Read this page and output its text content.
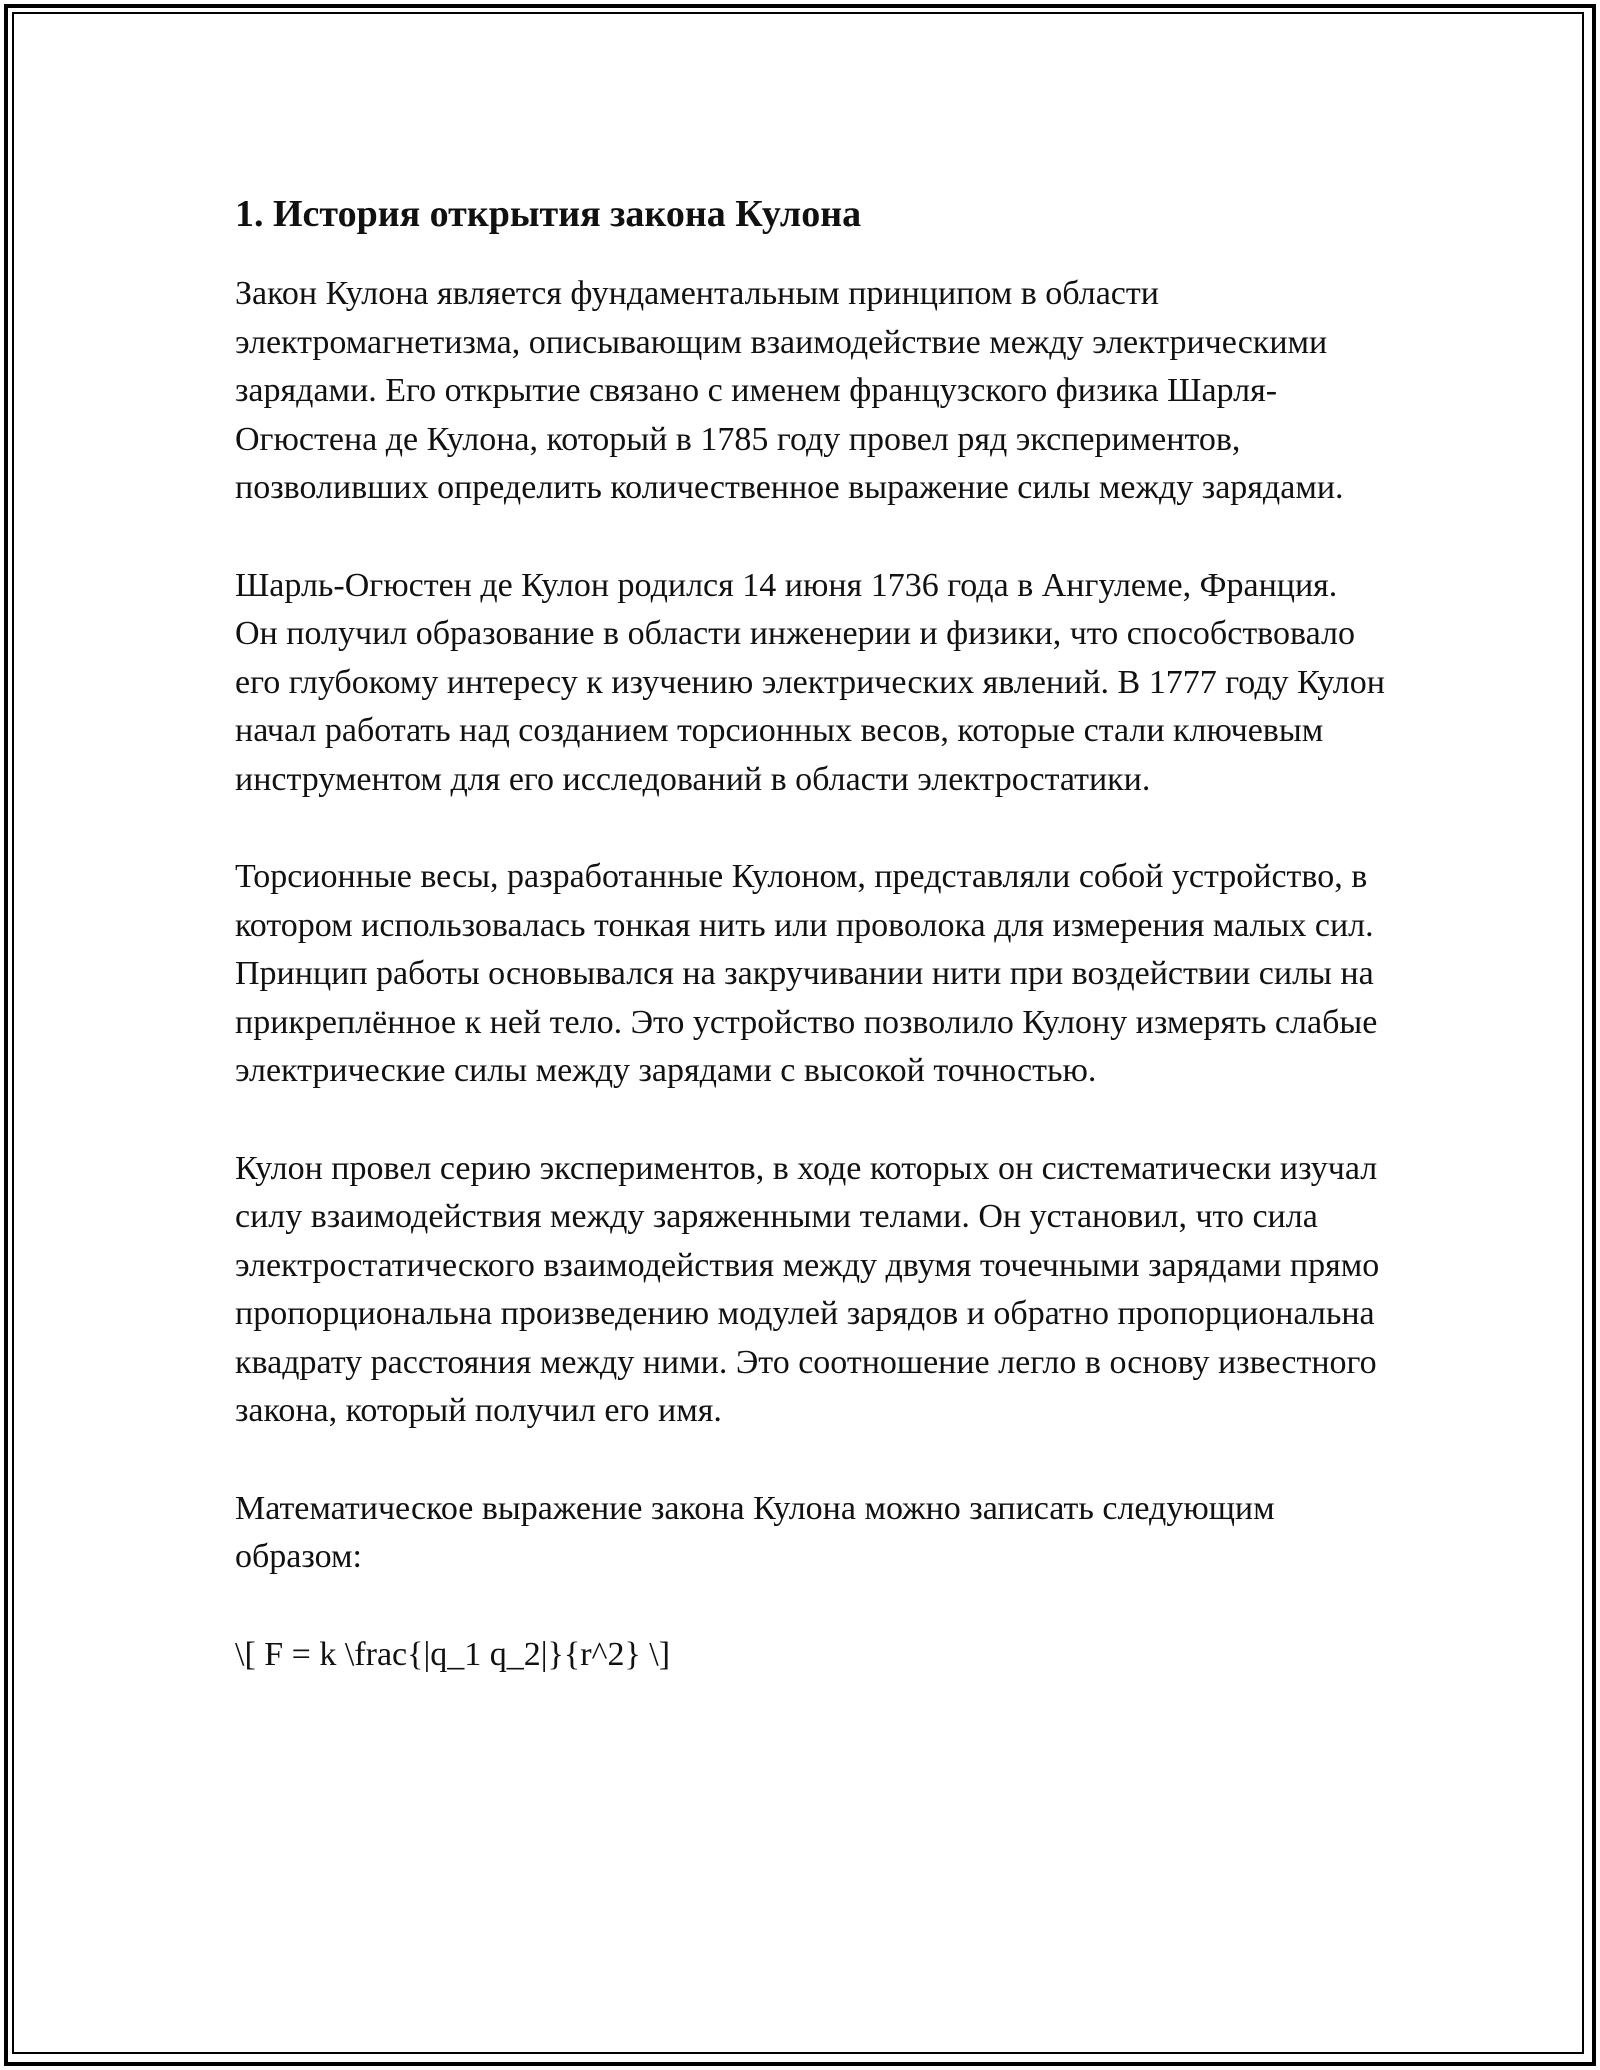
1. История открытия закона Кулона

Закон Кулона является фундаментальным принципом в области электромагнетизма, описывающим взаимодействие между электрическими зарядами. Его открытие связано с именем французского физика Шарля-Огюстена де Кулона, который в 1785 году провел ряд экспериментов, позволивших определить количественное выражение силы между зарядами.

Шарль-Огюстен де Кулон родился 14 июня 1736 года в Ангулеме, Франция. Он получил образование в области инженерии и физики, что способствовало его глубокому интересу к изучению электрических явлений. В 1777 году Кулон начал работать над созданием торсионных весов, которые стали ключевым инструментом для его исследований в области электростатики.

Торсионные весы, разработанные Кулоном, представляли собой устройство, в котором использовалась тонкая нить или проволока для измерения малых сил. Принцип работы основывался на закручивании нити при воздействии силы на прикреплённое к ней тело. Это устройство позволило Кулону измерять слабые электрические силы между зарядами с высокой точностью.

Кулон провел серию экспериментов, в ходе которых он систематически изучал силу взаимодействия между заряженными телами. Он установил, что сила электростатического взаимодействия между двумя точечными зарядами прямо пропорциональна произведению модулей зарядов и обратно пропорциональна квадрату расстояния между ними. Это соотношение легло в основу известного закона, который получил его имя.

Математическое выражение закона Кулона можно записать следующим образом:

\[ F = k \frac{|q_1 q_2|}{r^2} \]
